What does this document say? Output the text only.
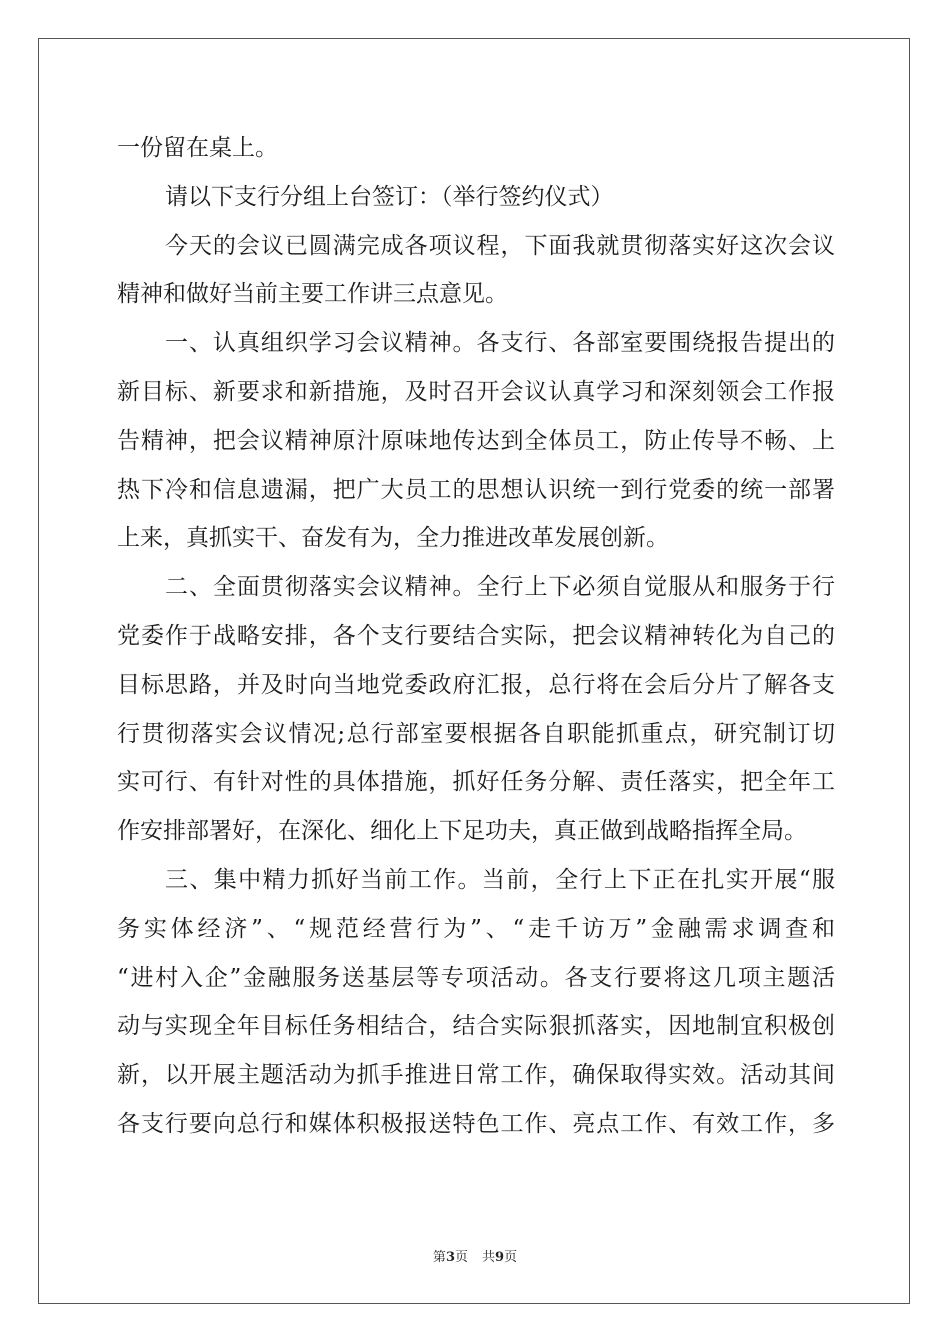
一份留在桌上。
请以下支行分组上台签订：（举行签约仪式）
今天的会议已圆满完成各项议程，下面我就贯彻落实好这次会议
精神和做好当前主要工作讲三点意见。
一、认真组织学习会议精神。各支行、各部室要围绕报告提出的
新目标、新要求和新措施，及时召开会议认真学习和深刻领会工作报
告精神，把会议精神原汁原味地传达到全体员工，防止传导不畅、上
热下冷和信息遗漏，把广大员工的思想认识统一到行党委的统一部署
上来，真抓实干、奋发有为，全力推进改革发展创新。
二、全面贯彻落实会议精神。全行上下必须自觉服从和服务于行
党委作于战略安排，各个支行要结合实际，把会议精神转化为自己的
目标思路，并及时向当地党委政府汇报，总行将在会后分片了解各支
行贯彻落实会议情况;总行部室要根据各自职能抓重点，研究制订切
实可行、有针对性的具体措施，抓好任务分解、责任落实，把全年工
作安排部署好，在深化、细化上下足功夫，真正做到战略指挥全局。
三、集中精力抓好当前工作。当前，全行上下正在扎实开展“服
务实体经济”、“规范经营行为”、“走千访万”金融需求调查和
“进村入企”金融服务送基层等专项活动。各支行要将这几项主题活
动与实现全年目标任务相结合，结合实际狠抓落实，因地制宜积极创
新，以开展主题活动为抓手推进日常工作，确保取得实效。活动其间
各支行要向总行和媒体积极报送特色工作、亮点工作、有效工作，多
第3页 共9页
